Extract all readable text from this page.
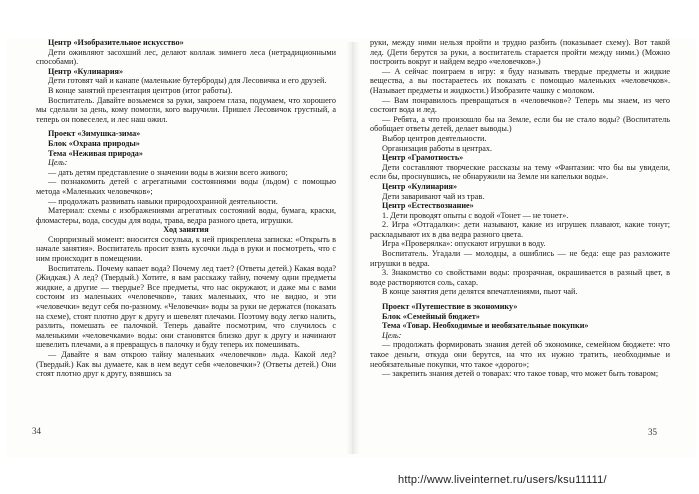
Центр «Изобразительное искусство»

Дети оживляют засохший лес, делают коллаж зимнего леса (нетрадиционными способами).

Центр «Кулинария»

Дети готовят чай и канапе (маленькие бутерброды) для Лесовичка и его друзей.

В конце занятий презентация центров (итог работы).

Воспитатель. Давайте возьмемся за руки, закроем глаза, подумаем, что хорошего мы сделали за день, кому помогли, кого выручили. Пришел Лесовичок грустный, а теперь он повеселел, и лес наш ожил.

Проект «Зимушка-зима»

Блок «Охрана природы»

Тема «Неживая природа»

Цель:

— дать детям представление о значении воды в жизни всего живого;

— познакомить детей с агрегатными состояниями воды (льдом) с помощью метода «Маленьких человечков»;

— продолжать развивать навыки природоохранной деятельности.

Материал: схемы с изображениями агрегатных состояний воды, бумага, краски, фломастеры, вода, сосуды для воды, трава, ведра разного цвета, игрушки.

Ход занятия

Сюрпризный момент: вносится сосулька, к ней прикреплена записка: «Открыть в начале занятия». Воспитатель просит взять кусочки льда в руки и посмотреть, что с ним происходит в помещении.

Воспитатель. Почему капает вода? Почему лед тает? (Ответы детей.) Какая вода? (Жидкая.) А лед? (Твердый.) Хотите, я вам расскажу тайну, почему одни предметы жидкие, а другие — твердые? Все предметы, что нас окружают, и даже мы с вами состоим из маленьких «человечков», таких маленьких, что не видно, и эти «человечки» ведут себя по-разному. «Человечки» воды за руки не держатся (показать на схеме), стоят плотно друг к другу и шевелят плечами. Поэтому воду легко налить, разлить, помешать ее палочкой. Теперь давайте посмотрим, что случилось с маленькими «человечками» воды: они становятся близко друг к другу и начинают шевелить плечами, а я превращусь в палочку и буду теперь их помешивать.

— Давайте я вам открою тайну маленьких «человечков» льда. Какой лед? (Твердый.) Как вы думаете, как в нем ведут себя «человечки»? (Ответы детей.) Они стоят плотно друг к другу, взявшись за

руки, между ними нельзя пройти и трудно разбить (показывает схему). Вот такой лед. (Дети берутся за руки, а воспитатель старается пройти между ними.) (Можно построить вокруг и найдем ведро «человечков».)

— А сейчас поиграем в игру: я буду называть твердые предметы и жидкие вещества, а вы постараетесь их показать с помощью маленьких «человечков». (Называет предметы и жидкости.) Изобразите чашку с молоком.

— Вам понравилось превращаться в «человечков»? Теперь мы знаем, из чего состоит вода и лед.

— Ребята, а что произошло бы на Земле, если бы не стало воды? (Воспитатель обобщает ответы детей, делает выводы.)

Выбор центров деятельности.

Организация работы в центрах.

Центр «Грамотность»

Дети составляют творческие рассказы на тему «Фантазии: что бы вы увидели, если бы, проснувшись, не обнаружили на Земле ни капельки воды».

Центр «Кулинария»

Дети заваривают чай из трав.

Центр «Естествознание»

1. Дети проводят опыты с водой «Тонет — не тонет».

2. Игра «Отгадалки»: дети называют, какие из игрушек плавают, какие тонут; раскладывают их в два ведра разного цвета.

Игра «Проверялка»: опускают игрушки в воду.

Воспитатель. Угадали — молодцы, а ошиблись — не беда: еще раз разложите игрушки в ведра.

3. Знакомство со свойствами воды: прозрачная, окрашивается в разный цвет, в воде растворяются соль, сахар.

В конце занятия дети делятся впечатлениями, пьют чай.

Проект «Путешествие в экономику»

Блок «Семейный бюджет»

Тема «Товар. Необходимые и необязательные покупки»

Цель:

— продолжать формировать знания детей об экономике, семейном бюджете: что такое деньги, откуда они берутся, на что их нужно тратить, необходимые и необязательные покупки, что такое «дорого»;

— закрепить знания детей о товарах: что такое товар, что может быть товаром;

34	35
http://www.liveinternet.ru/users/ksu11111/
